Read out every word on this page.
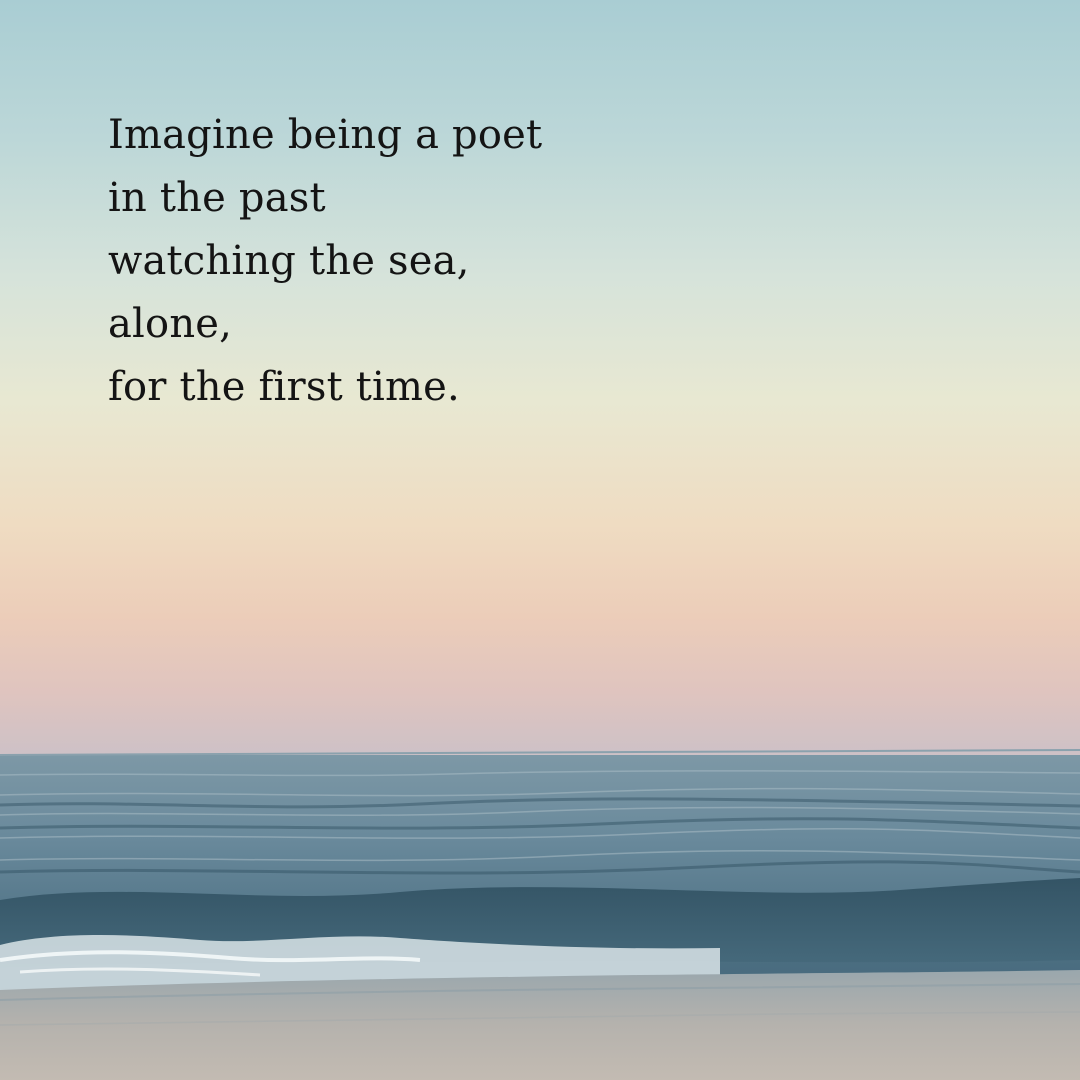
Imagine being a poet
in the past
watching the sea,
alone,
for the first time.
